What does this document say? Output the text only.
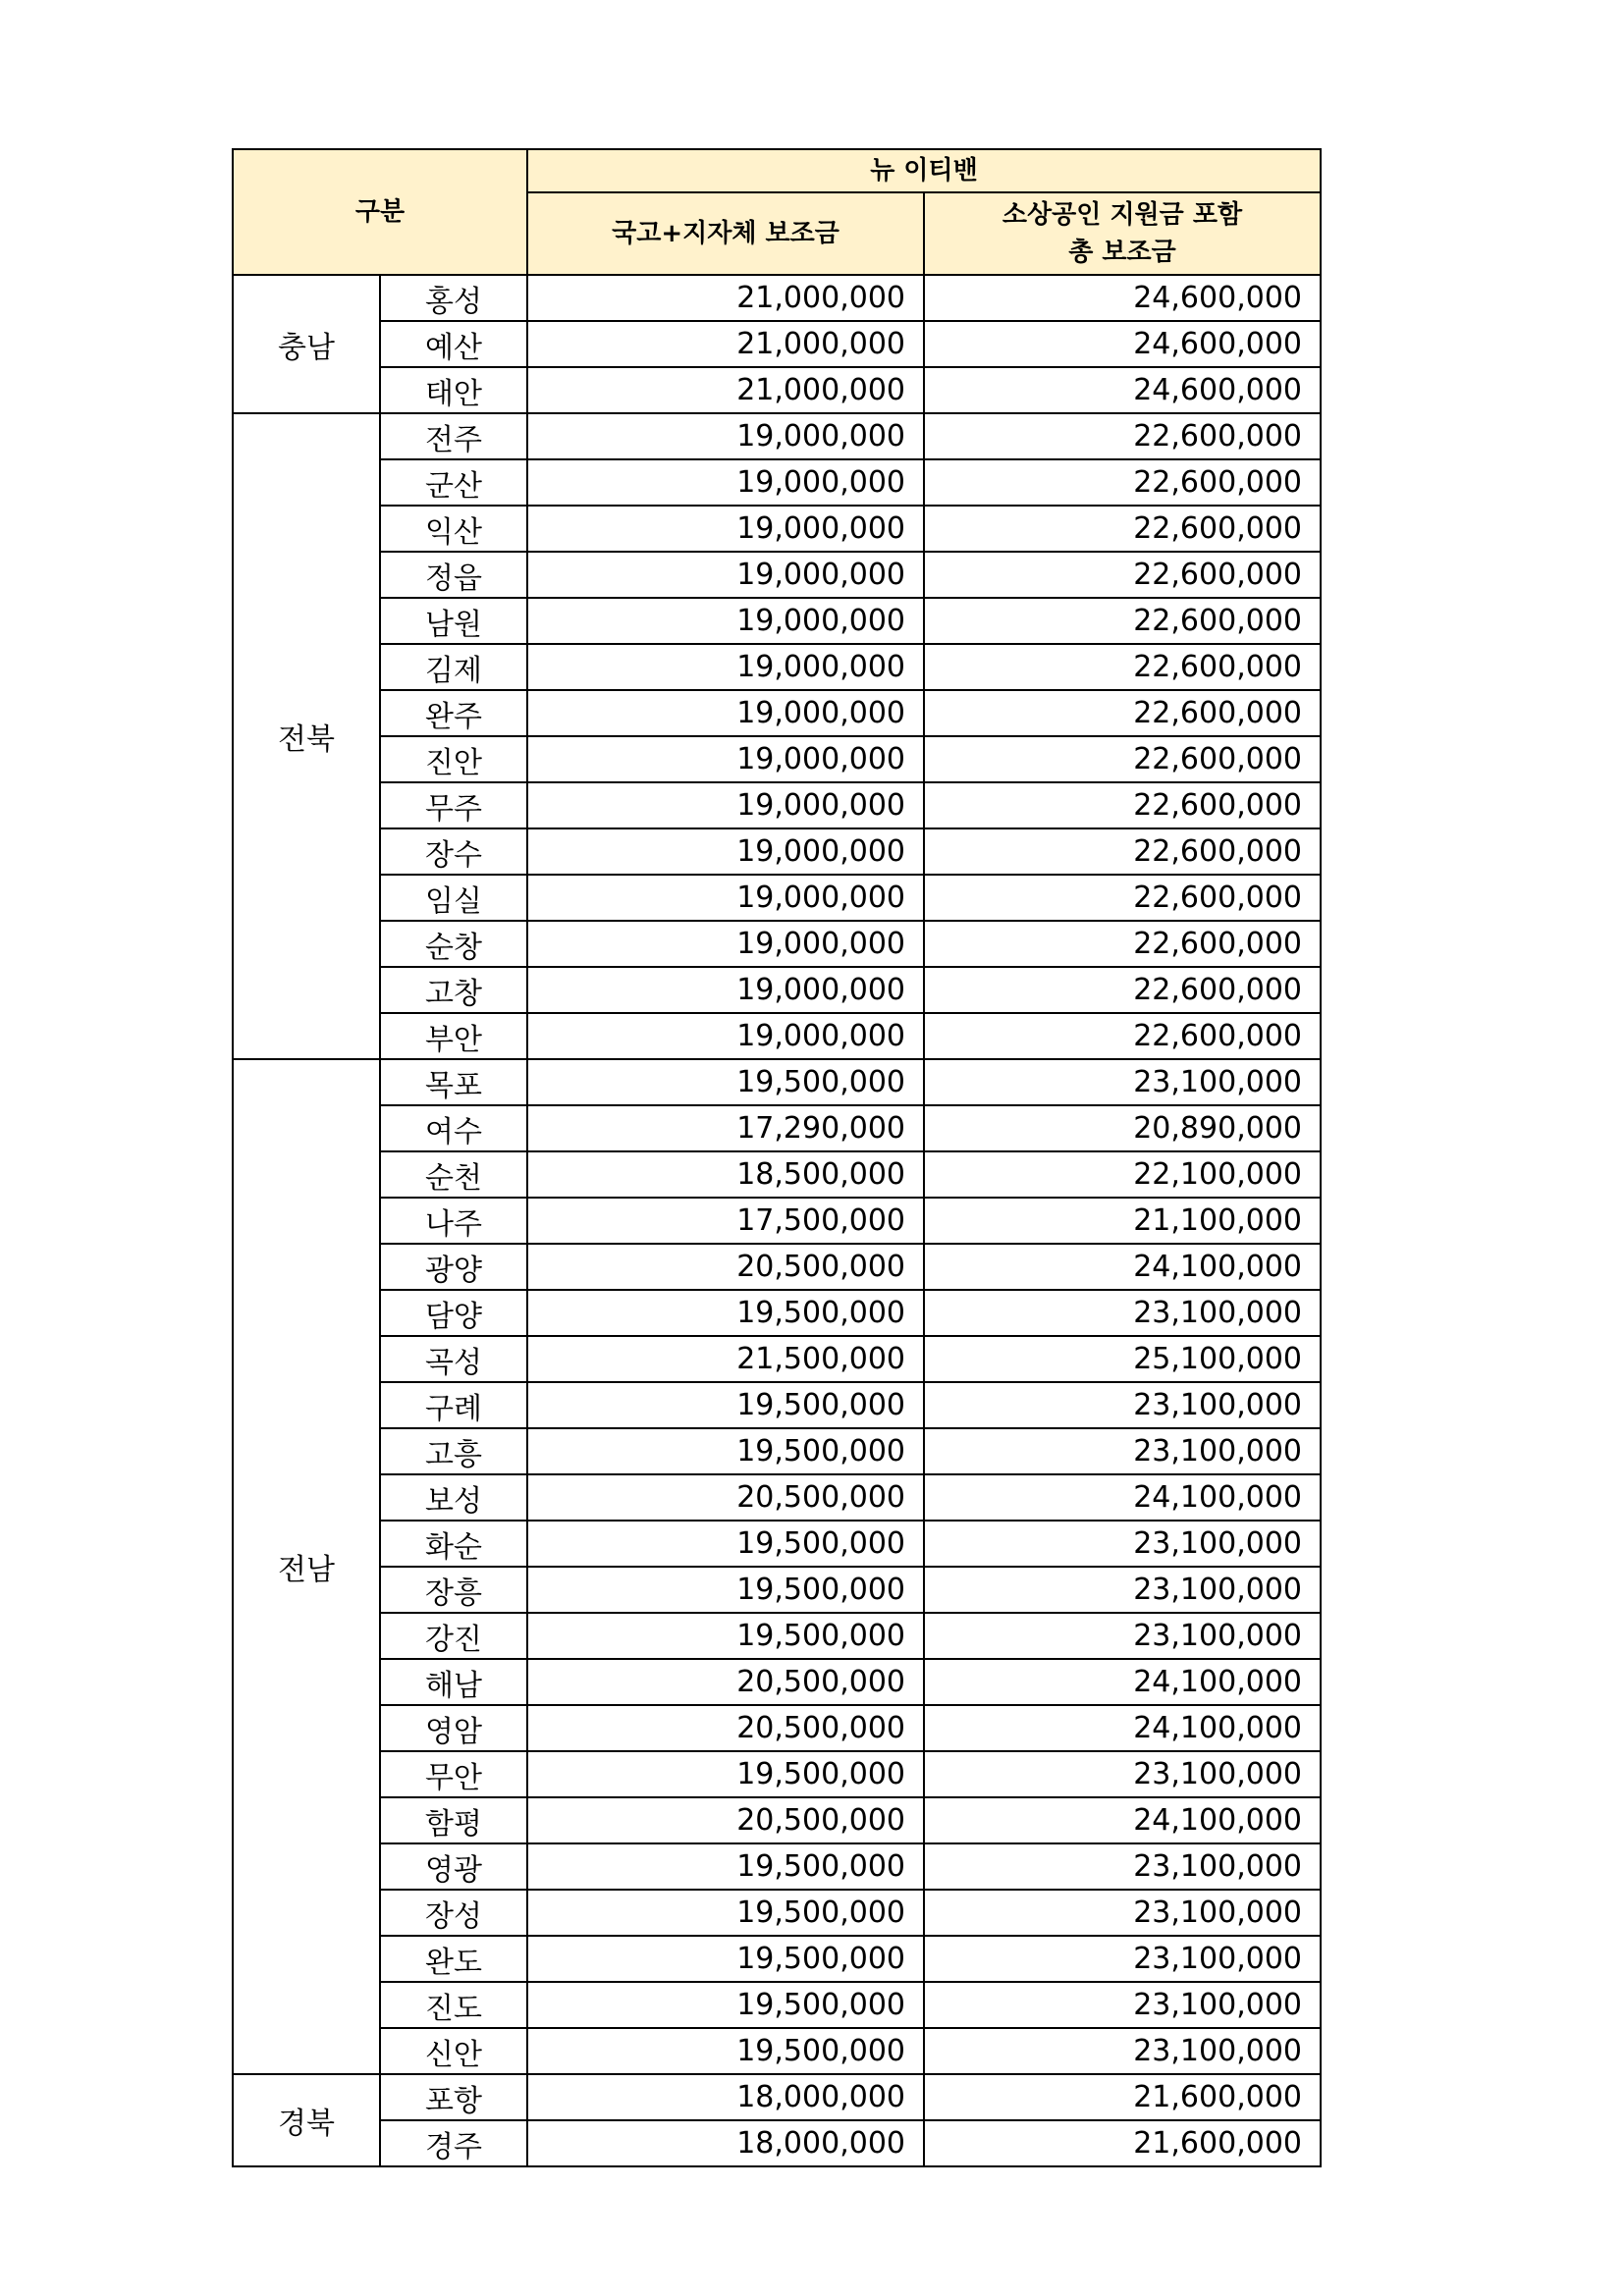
구분		뉴 이티밴	
		국고+지자체 보조금	소상공인 지원금 포함
총 보조금

충남	홍성	21,000,000	24,600,000
	예산	21,000,000	24,600,000
	태안	21,000,000	24,600,000
전북	전주	19,000,000	22,600,000
	군산	19,000,000	22,600,000
	익산	19,000,000	22,600,000
	정읍	19,000,000	22,600,000
	남원	19,000,000	22,600,000
	김제	19,000,000	22,600,000
	완주	19,000,000	22,600,000
	진안	19,000,000	22,600,000
	무주	19,000,000	22,600,000
	장수	19,000,000	22,600,000
	임실	19,000,000	22,600,000
	순창	19,000,000	22,600,000
	고창	19,000,000	22,600,000
	부안	19,000,000	22,600,000
전남	목포	19,500,000	23,100,000
	여수	17,290,000	20,890,000
	순천	18,500,000	22,100,000
	나주	17,500,000	21,100,000
	광양	20,500,000	24,100,000
	담양	19,500,000	23,100,000
	곡성	21,500,000	25,100,000
	구례	19,500,000	23,100,000
	고흥	19,500,000	23,100,000
	보성	20,500,000	24,100,000
	화순	19,500,000	23,100,000
	장흥	19,500,000	23,100,000
	강진	19,500,000	23,100,000
	해남	20,500,000	24,100,000
	영암	20,500,000	24,100,000
	무안	19,500,000	23,100,000
	함평	20,500,000	24,100,000
	영광	19,500,000	23,100,000
	장성	19,500,000	23,100,000
	완도	19,500,000	23,100,000
	진도	19,500,000	23,100,000
	신안	19,500,000	23,100,000
경북	포항	18,000,000	21,600,000
	경주	18,000,000	21,600,000
